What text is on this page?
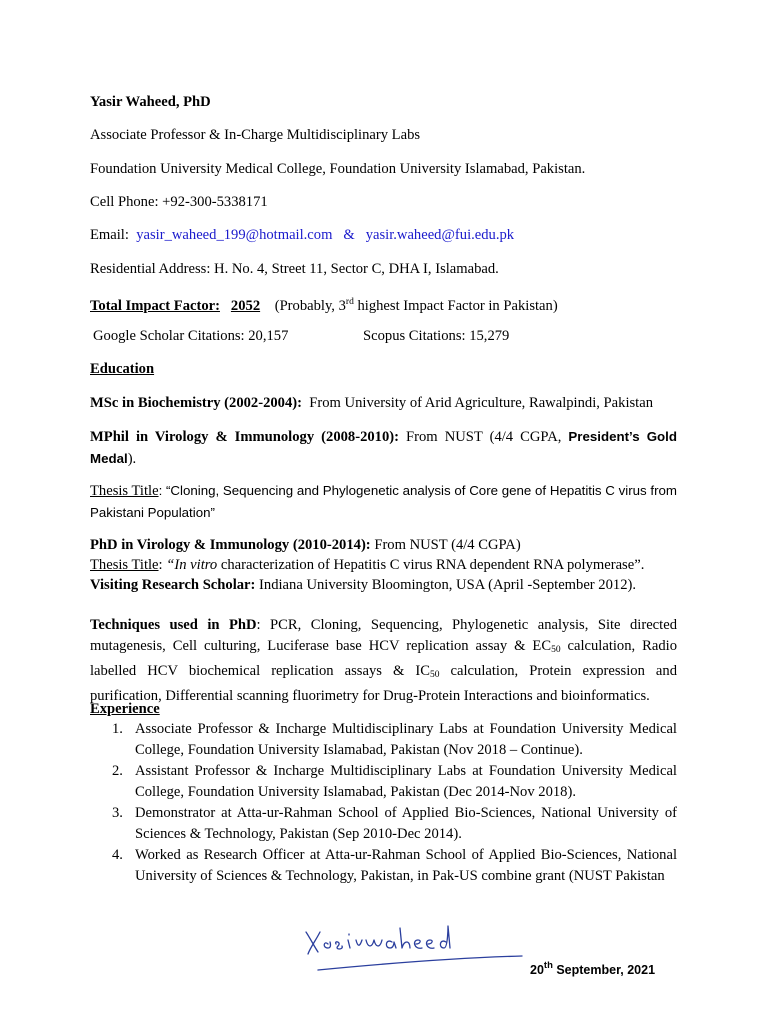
Yasir Waheed, PhD
Associate Professor & In-Charge Multidisciplinary Labs
Foundation University Medical College, Foundation University Islamabad, Pakistan.
Cell Phone: +92-300-5338171
Email: yasir_waheed_199@hotmail.com & yasir.waheed@fui.edu.pk
Residential Address: H. No. 4, Street 11, Sector C, DHA I, Islamabad.
Total Impact Factor: 2052 (Probably, 3rd highest Impact Factor in Pakistan)
Google Scholar Citations: 20,157	Scopus Citations: 15,279
Education
MSc in Biochemistry (2002-2004): From University of Arid Agriculture, Rawalpindi, Pakistan
MPhil in Virology & Immunology (2008-2010): From NUST (4/4 CGPA, President’s Gold Medal).
Thesis Title: “Cloning, Sequencing and Phylogenetic analysis of Core gene of Hepatitis C virus from Pakistani Population”
PhD in Virology & Immunology (2010-2014): From NUST (4/4 CGPA)
Thesis Title: “In vitro characterization of Hepatitis C virus RNA dependent RNA polymerase”.
Visiting Research Scholar: Indiana University Bloomington, USA (April -September 2012).
Techniques used in PhD: PCR, Cloning, Sequencing, Phylogenetic analysis, Site directed mutagenesis, Cell culturing, Luciferase base HCV replication assay & $EC_{50}$ calculation, Radio labelled HCV biochemical replication assays & $IC_{50}$ calculation, Protein expression and purification, Differential scanning fluorimetry for Drug-Protein Interactions and bioinformatics.
Experience
1. Associate Professor & Incharge Multidisciplinary Labs at Foundation University Medical College, Foundation University Islamabad, Pakistan (Nov 2018 – Continue).
2. Assistant Professor & Incharge Multidisciplinary Labs at Foundation University Medical College, Foundation University Islamabad, Pakistan (Dec 2014-Nov 2018).
3. Demonstrator at Atta-ur-Rahman School of Applied Bio-Sciences, National University of Sciences & Technology, Pakistan (Sep 2010-Dec 2014).
4. Worked as Research Officer at Atta-ur-Rahman School of Applied Bio-Sciences, National University of Sciences & Technology, Pakistan, in Pak-US combine grant (NUST Pakistan
20th September, 2021
